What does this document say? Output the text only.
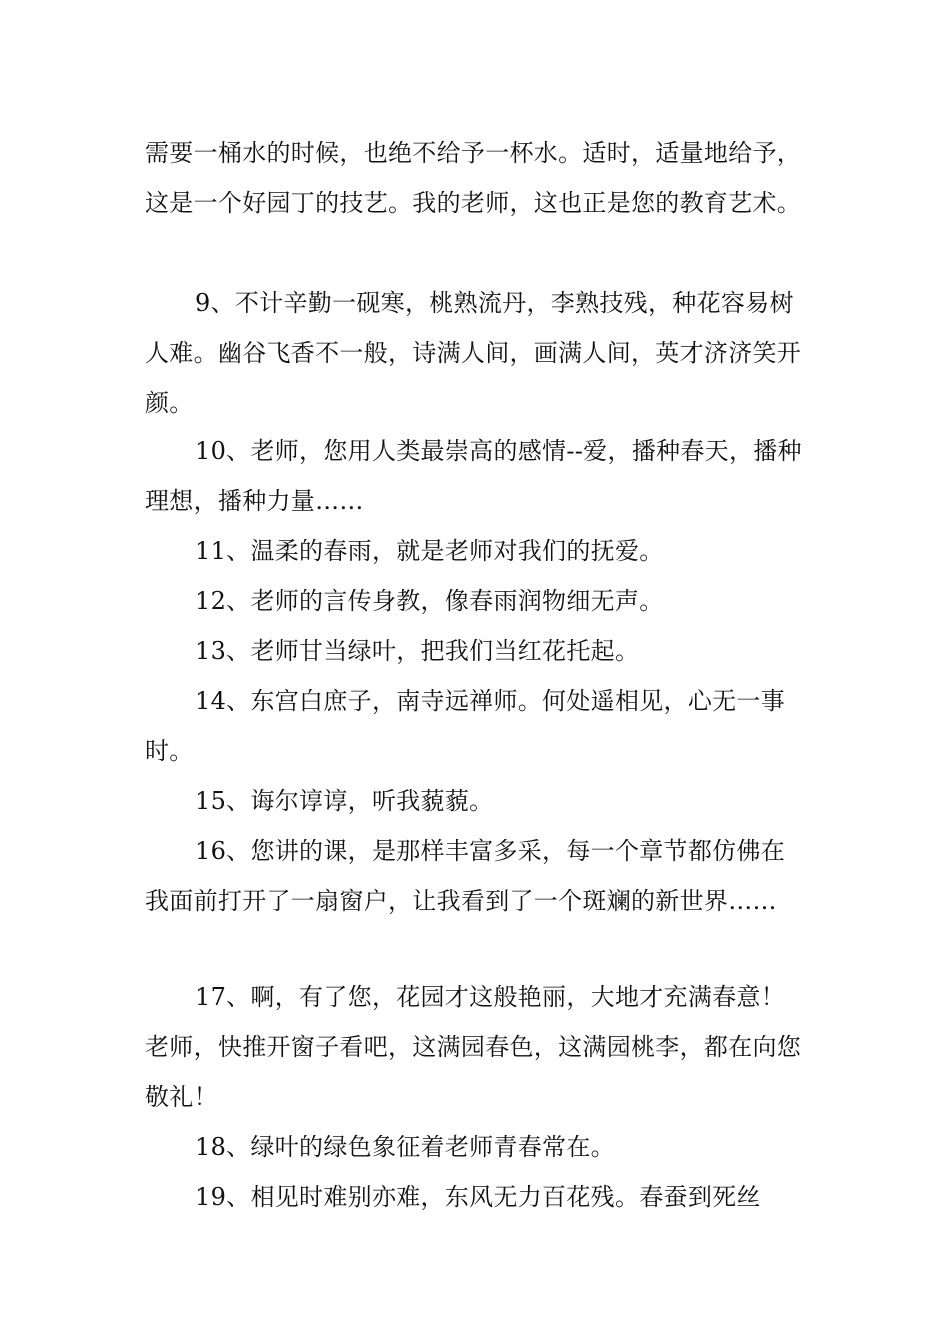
需要一桶水的时候，也绝不给予一杯水。适时，适量地给予，这是一个好园丁的技艺。我的老师，这也正是您的教育艺术。

9、不计辛勤一砚寒，桃熟流丹，李熟技残，种花容易树人难。幽谷飞香不一般，诗满人间，画满人间，英才济济笑开颜。

10、老师，您用人类最崇高的感情--爱，播种春天，播种理想，播种力量……

11、温柔的春雨，就是老师对我们的抚爱。

12、老师的言传身教，像春雨润物细无声。

13、老师甘当绿叶，把我们当红花托起。

14、东宫白庶子，南寺远禅师。何处遥相见，心无一事时。

15、诲尔谆谆，听我藐藐。

16、您讲的课，是那样丰富多采，每一个章节都仿佛在我面前打开了一扇窗户，让我看到了一个斑斓的新世界……

17、啊，有了您，花园才这般艳丽，大地才充满春意！老师，快推开窗子看吧，这满园春色，这满园桃李，都在向您敬礼！

18、绿叶的绿色象征着老师青春常在。

19、相见时难别亦难，东风无力百花残。春蚕到死丝
